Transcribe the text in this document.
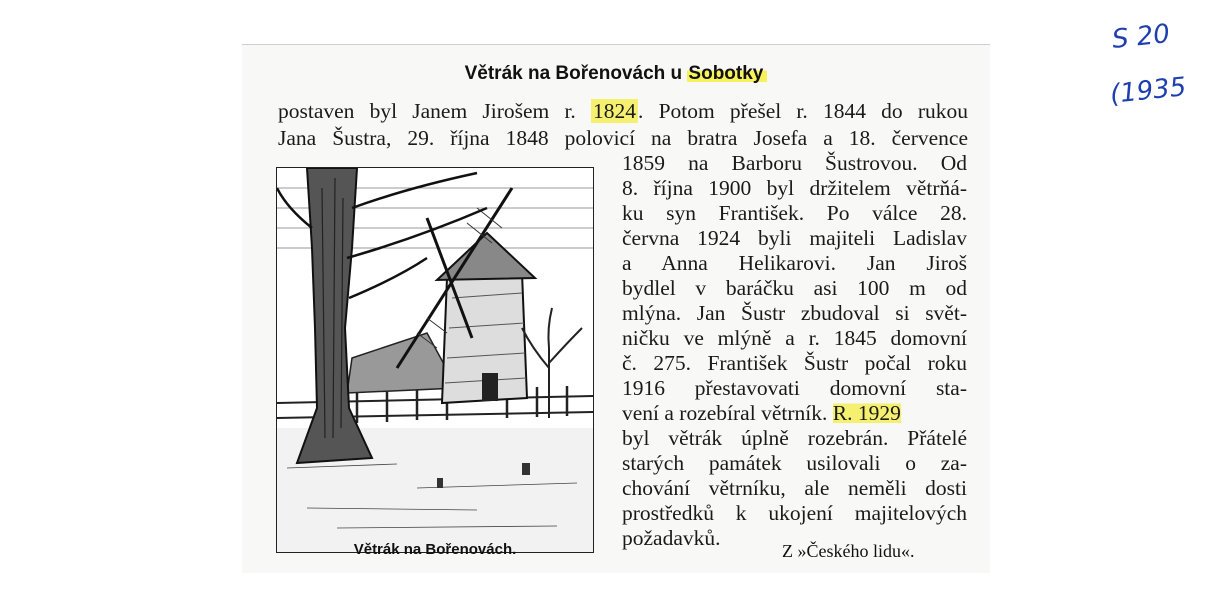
Větrák na Bořenovách u Sobotky
postaven byl Janem Jirošem r. 1824. Potom přešel r. 1844 do rukou
Jana Šustra, 29. října 1848 polovicí na bratra Josefa a 18. července
1859 na Barboru Šustrovou. Od
8. října 1900 byl držitelem větrňá-
ku syn František. Po válce 28.
června 1924 byli majiteli Ladislav
a Anna Helikarovi. Jan Jiroš
bydlel v baráčku asi 100 m od
mlýna. Jan Šustr zbudoval si svět-
ničku ve mlýně a r. 1845 domovní
č. 275. František Šustr počal roku
1916 přestavovati domovní sta-
vení a rozebíral větrník. R. 1929
byl větrák úplně rozebrán. Přátelé
starých památek usilovali o za-
chování větrníku, ale neměli dosti
prostředků k ukojení majitelových
požadavků.
Větrák na Bořenovách.	Z »Českého lidu«.
S 20
(1935
